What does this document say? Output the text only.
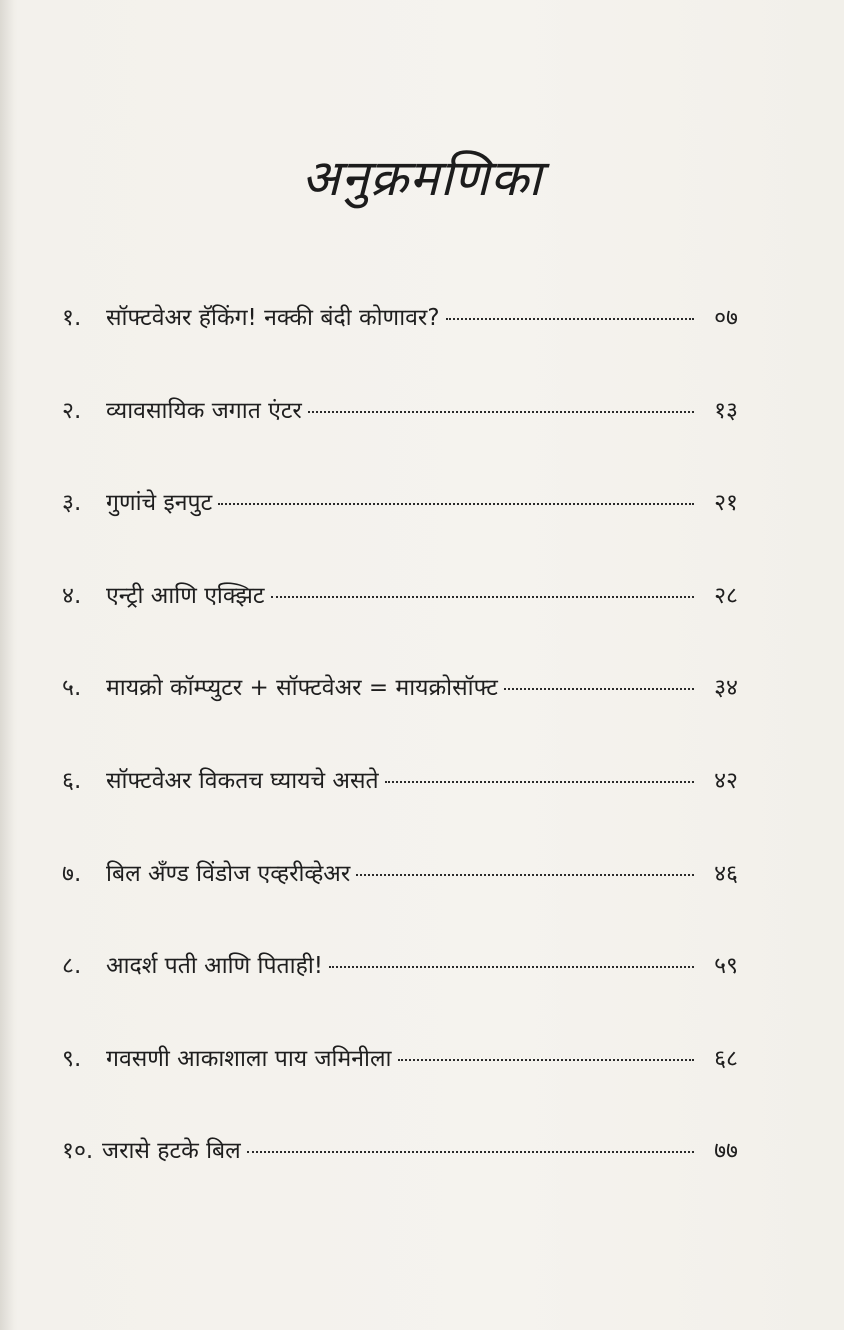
अनुक्रमणिका
१.	सॉफ्टवेअर हॅकिंग! नक्की बंदी कोणावर?	०७
२.	व्यावसायिक जगात एंटर	१३
३.	गुणांचे इनपुट	२१
४.	एन्ट्री आणि एक्झिट	२८
५.	मायक्रो कॉम्प्युटर + सॉफ्टवेअर = मायक्रोसॉफ्ट	३४
६.	सॉफ्टवेअर विकतच घ्यायचे असते	४२
७.	बिल अँण्ड विंडोज एव्हरीव्हेअर	४६
८.	आदर्श पती आणि पिताही!	५९
९.	गवसणी आकाशाला पाय जमिनीला	६८
१०. जरासे हटके बिल	७७
